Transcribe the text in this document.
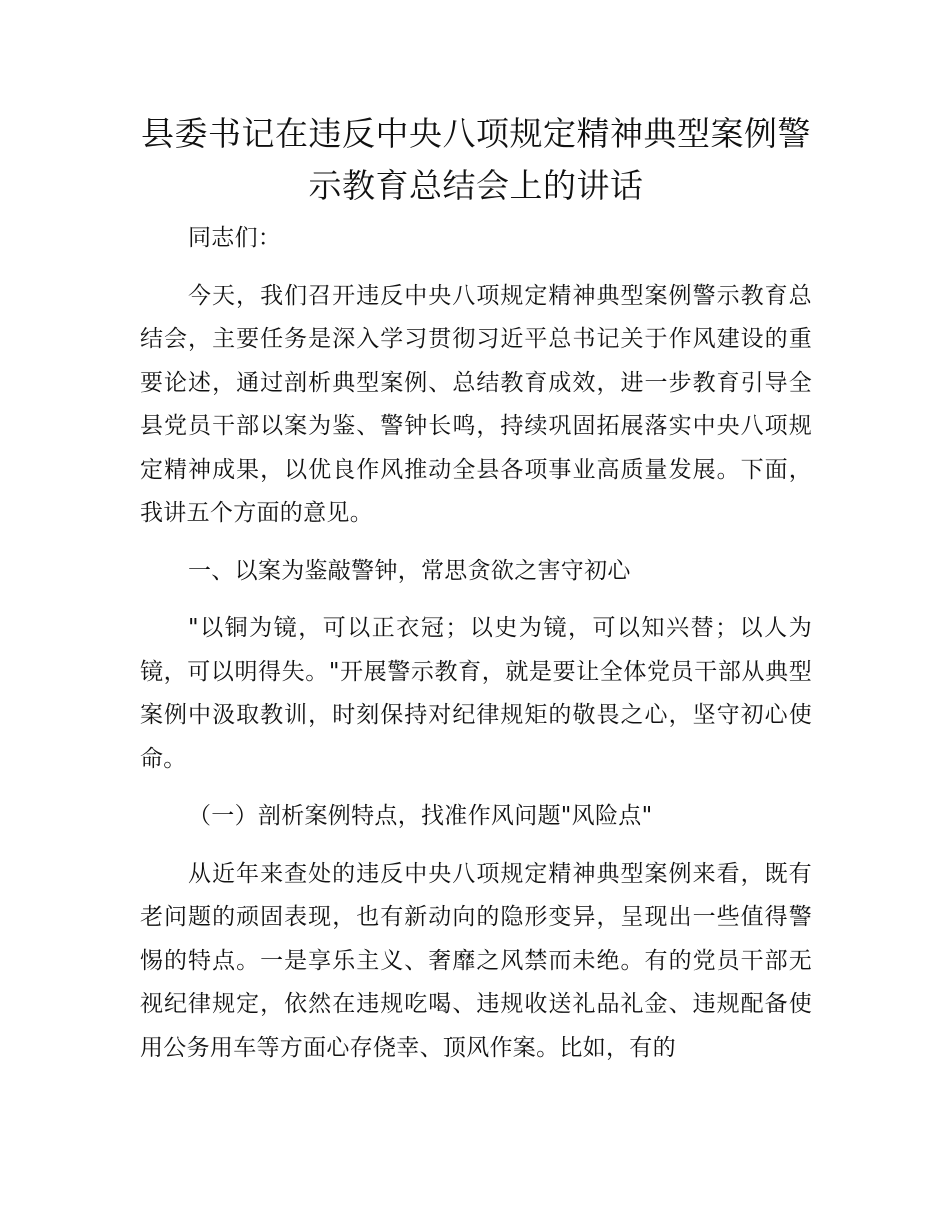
县委书记在违反中央八项规定精神典型案例警示教育总结会上的讲话

同志们：

今天，我们召开违反中央八项规定精神典型案例警示教育总结会，主要任务是深入学习贯彻习近平总书记关于作风建设的重要论述，通过剖析典型案例、总结教育成效，进一步教育引导全县党员干部以案为鉴、警钟长鸣，持续巩固拓展落实中央八项规定精神成果，以优良作风推动全县各项事业高质量发展。下面，我讲五个方面的意见。

一、以案为鉴敲警钟，常思贪欲之害守初心

"以铜为镜，可以正衣冠；以史为镜，可以知兴替；以人为镜，可以明得失。"开展警示教育，就是要让全体党员干部从典型案例中汲取教训，时刻保持对纪律规矩的敬畏之心，坚守初心使命。

（一）剖析案例特点，找准作风问题"风险点"

从近年来查处的违反中央八项规定精神典型案例来看，既有老问题的顽固表现，也有新动向的隐形变异，呈现出一些值得警惕的特点。一是享乐主义、奢靡之风禁而未绝。有的党员干部无视纪律规定，依然在违规吃喝、违规收送礼品礼金、违规配备使用公务用车等方面心存侥幸、顶风作案。比如，有的
